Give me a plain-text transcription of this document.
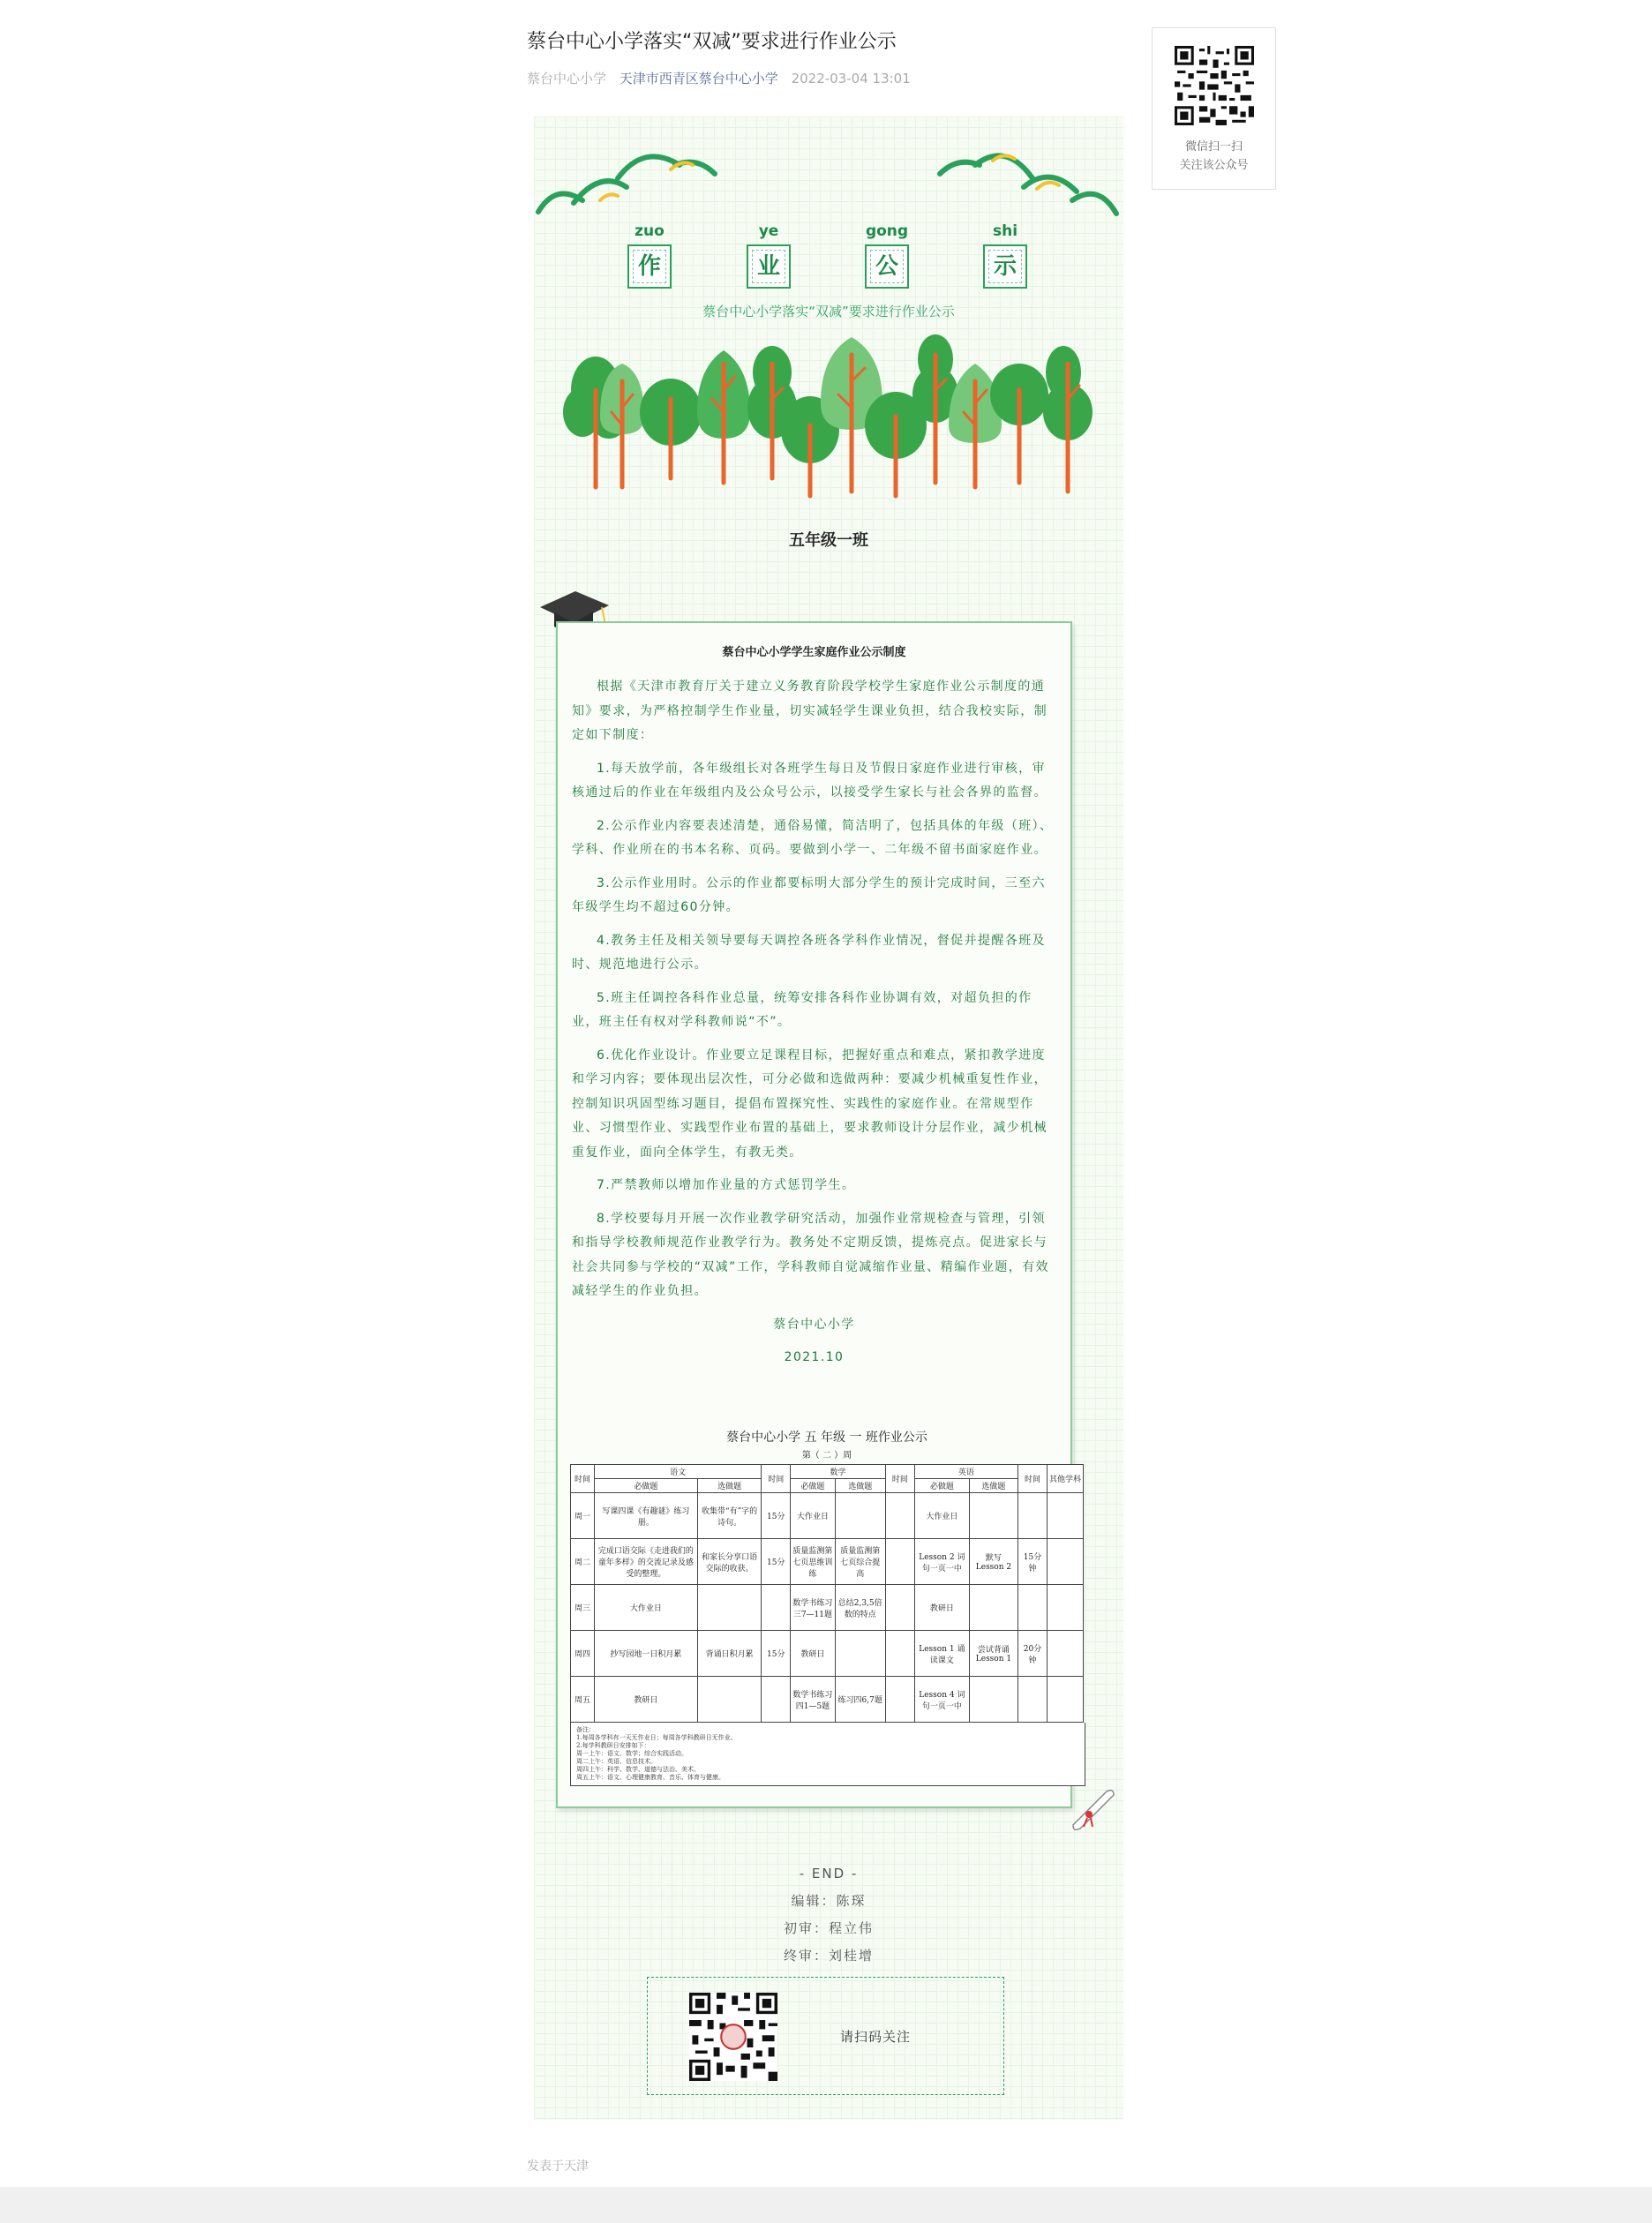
蔡台中心小学落实“双减”要求进行作业公示
蔡台中心小学 天津市西青区蔡台中心小学 2022-03-04 13:01
微信扫一扫
关注该公众号
zuo	ye	gong	shi
作	业	公	示
蔡台中心小学落实“双减”要求进行作业公示
五年级一班
蔡台中心小学学生家庭作业公示制度

根据《天津市教育厅关于建立义务教育阶段学校学生家庭作业公示制度的通知》要求，为严格控制学生作业量，切实减轻学生课业负担，结合我校实际，制定如下制度：

1.每天放学前，各年级组长对各班学生每日及节假日家庭作业进行审核，审核通过后的作业在年级组内及公众号公示，以接受学生家长与社会各界的监督。

2.公示作业内容要表述清楚，通俗易懂，简洁明了，包括具体的年级（班）、学科、作业所在的书本名称、页码。要做到小学一、二年级不留书面家庭作业。

3.公示作业用时。公示的作业都要标明大部分学生的预计完成时间，三至六年级学生均不超过60分钟。

4.教务主任及相关领导要每天调控各班各学科作业情况，督促并提醒各班及时、规范地进行公示。

5.班主任调控各科作业总量，统筹安排各科作业协调有效，对超负担的作业，班主任有权对学科教师说“不”。

6.优化作业设计。作业要立足课程目标，把握好重点和难点，紧扣教学进度和学习内容；要体现出层次性，可分必做和选做两种：要减少机械重复性作业，控制知识巩固型练习题目，提倡布置探究性、实践性的家庭作业。在常规型作业、习惯型作业、实践型作业布置的基础上，要求教师设计分层作业，减少机械重复作业，面向全体学生，有教无类。

7.严禁教师以增加作业量的方式惩罚学生。

8.学校要每月开展一次作业教学研究活动，加强作业常规检查与管理，引领和指导学校教师规范作业教学行为。教务处不定期反馈，提炼亮点。促进家长与社会共同参与学校的“双减”工作，学科教师自觉减缩作业量、精编作业题，有效减轻学生的作业负担。

蔡台中心小学

2021.10

蔡台中心小学 五 年级 一 班作业公示
第（ 二 ）周
时间	语文		时间	数学		时间	英语		时间	其他学科
	必做题	选做题		必做题	选做题		必做题	选做题		
周一	写课四课《有趣谜》练习册。	收集带“有”字的诗句。	15分	大作业日			大作业日			
周二	完成口语交际《走进我们的童年多样》的交流记录及感受的整理。	和家长分享口语交际的收获。	15分	质量监测第七页思维训练	质量监测第七页综合提高		Lesson 2 词句一页一中	默写 Lesson 2	15分钟	
周三	大作业日			数学书练习三7—11题	总结2,3,5倍数的特点		教研日			
周四	抄写园地一日积月累	背诵日积月累	15分	教研日			Lesson 1 诵读课文	尝试背诵 Lesson 1	20分钟	
周五	教研日			数学书练习四1—5题	练习四6,7题		Lesson 4 词句一页一中			
备注：
1.每周各学科有一天无作业日；每周各学科教研日无作业。
2.每学科教研日安排如下：
周一上午：语文、数学；综合实践活动。
周二上午：英语、信息技术。
周四上午：科学、数学、道德与法治、美术。
周五上午：语文、心理健康教育、音乐、体育与健康。
- END -
编辑：陈琛
初审：程立伟
终审：刘桂增
请扫码关注
发表于天津
